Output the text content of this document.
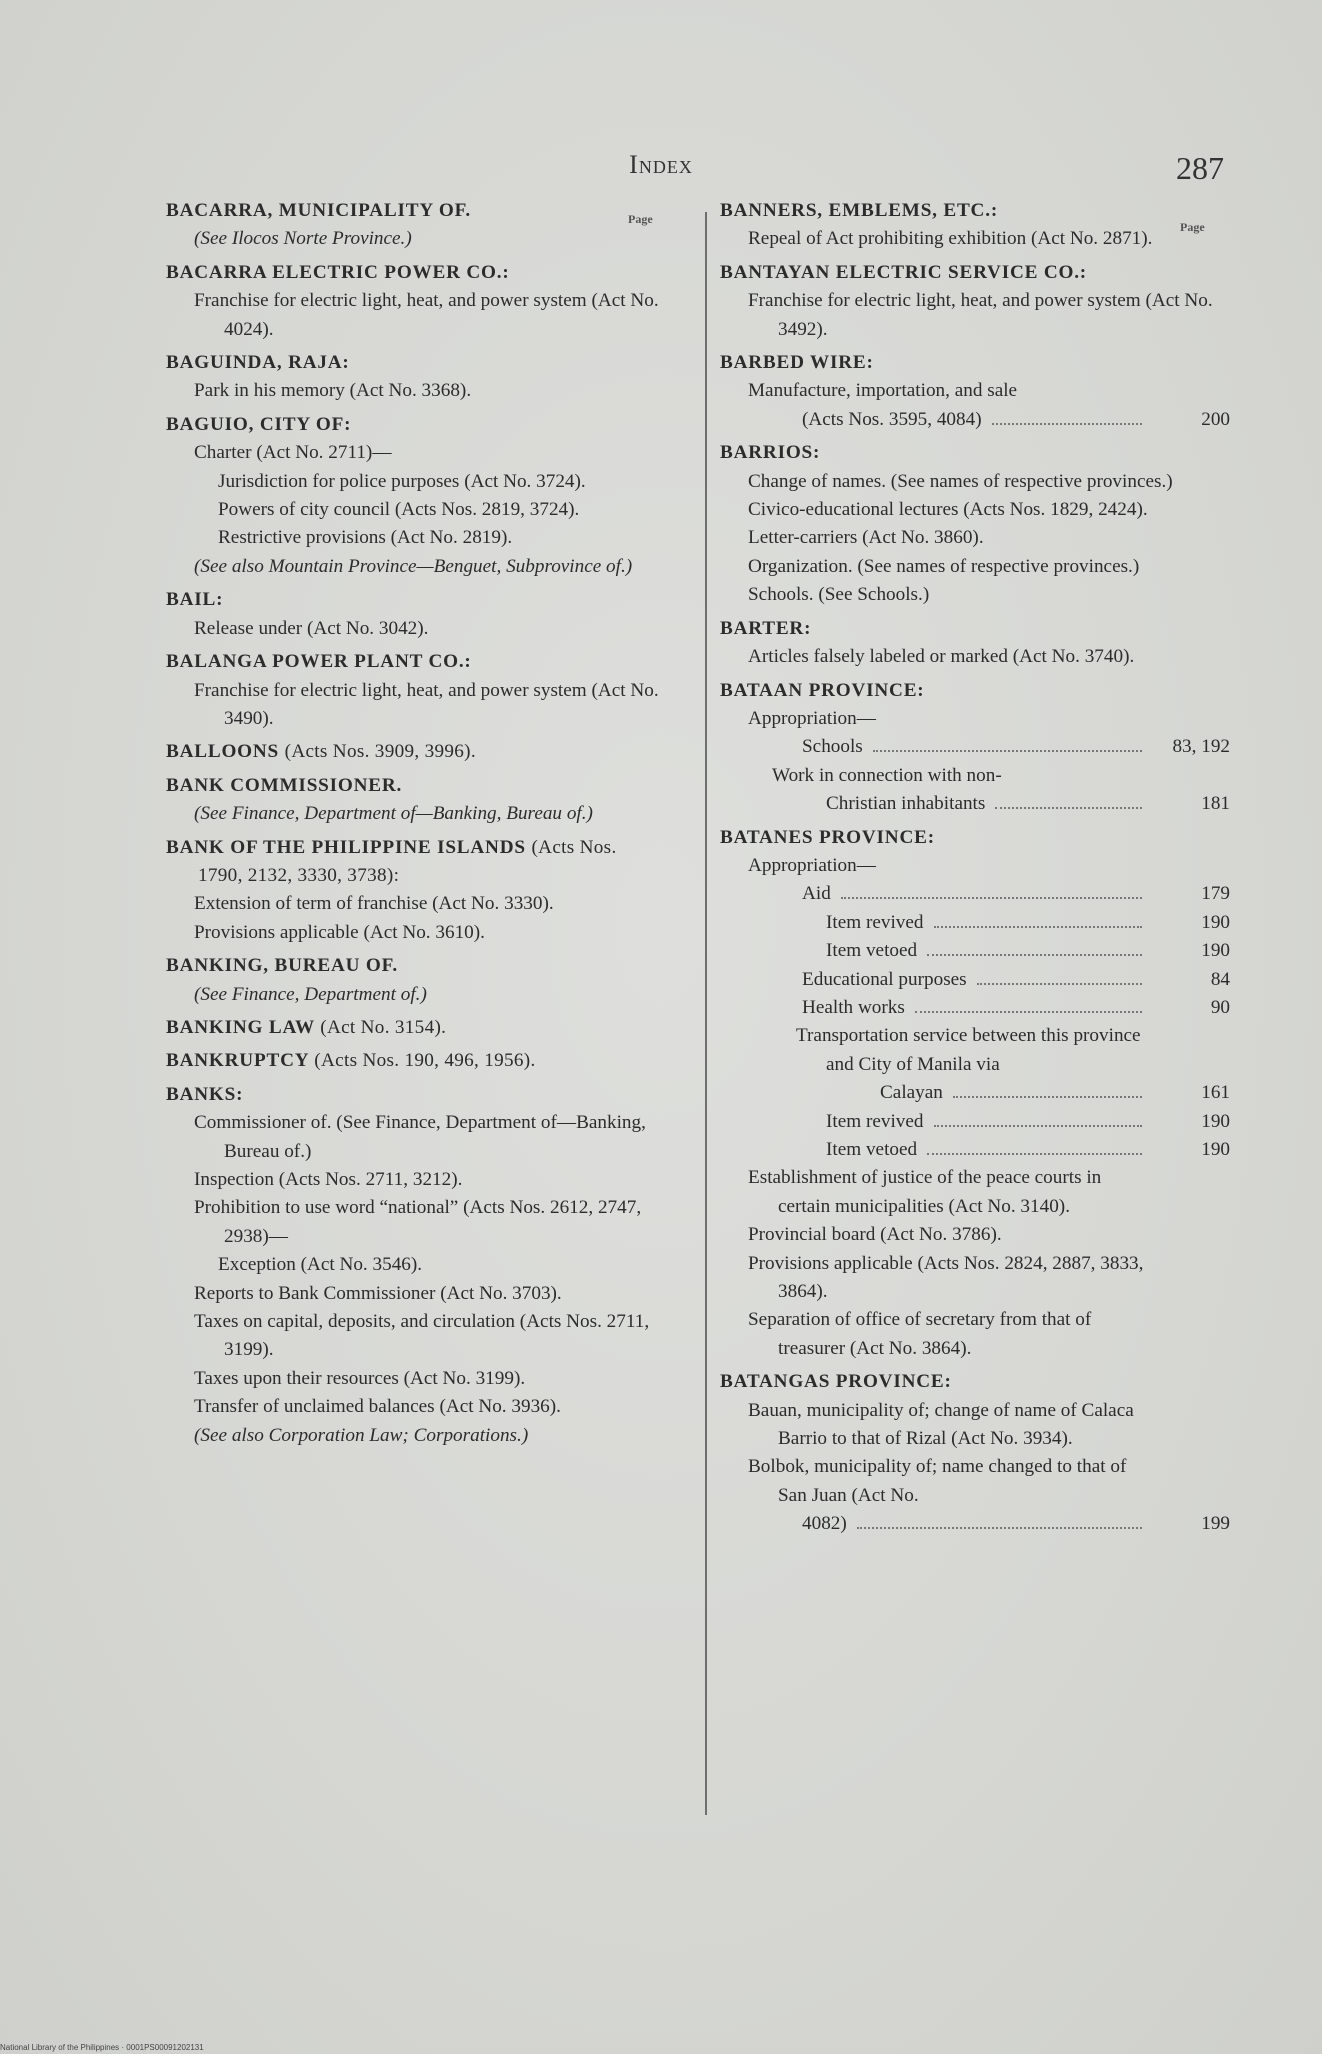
Index	287
Page
Page
BACARRA, MUNICIPALITY OF.
(See Ilocos Norte Province.)
BACARRA ELECTRIC POWER CO.:
Franchise for electric light, heat, and power system (Act No. 4024).
BAGUINDA, RAJA:
Park in his memory (Act No. 3368).
BAGUIO, CITY OF:
Charter (Act No. 2711)—
Jurisdiction for police purposes (Act No. 3724).
Powers of city council (Acts Nos. 2819, 3724).
Restrictive provisions (Act No. 2819).
(See also Mountain Province—Benguet, Subprovince of.)
BAIL:
Release under (Act No. 3042).
BALANGA POWER PLANT CO.:
Franchise for electric light, heat, and power system (Act No. 3490).
BALLOONS (Acts Nos. 3909, 3996).
BANK COMMISSIONER.
(See Finance, Department of—Banking, Bureau of.)
BANK OF THE PHILIPPINE ISLANDS (Acts Nos. 1790, 2132, 3330, 3738):
Extension of term of franchise (Act No. 3330).
Provisions applicable (Act No. 3610).
BANKING, BUREAU OF.
(See Finance, Department of.)
BANKING LAW (Act No. 3154).
BANKRUPTCY (Acts Nos. 190, 496, 1956).
BANKS:
Commissioner of. (See Finance, Department of—Banking, Bureau of.)
Inspection (Acts Nos. 2711, 3212).
Prohibition to use word “national” (Acts Nos. 2612, 2747, 2938)—
Exception (Act No. 3546).
Reports to Bank Commissioner (Act No. 3703).
Taxes on capital, deposits, and circulation (Acts Nos. 2711, 3199).
Taxes upon their resources (Act No. 3199).
Transfer of unclaimed balances (Act No. 3936).
(See also Corporation Law; Corporations.)
BANNERS, EMBLEMS, ETC.:
Repeal of Act prohibiting exhibition (Act No. 2871).
BANTAYAN ELECTRIC SERVICE CO.:
Franchise for electric light, heat, and power system (Act No. 3492).
BARBED WIRE:
Manufacture, importation, and sale
(Acts Nos. 3595, 4084)	200
BARRIOS:
Change of names. (See names of respective provinces.)
Civico-educational lectures (Acts Nos. 1829, 2424).
Letter-carriers (Act No. 3860).
Organization. (See names of respective provinces.)
Schools. (See Schools.)
BARTER:
Articles falsely labeled or marked (Act No. 3740).
BATAAN PROVINCE:
Appropriation—
Schools	83, 192
Work in connection with non-
Christian inhabitants	181
BATANES PROVINCE:
Appropriation—
Aid	179
Item revived	190
Item vetoed	190
Educational purposes	84
Health works	90
Transportation service between this province and City of Manila via
Calayan	161
Item revived	190
Item vetoed	190
Establishment of justice of the peace courts in certain municipalities (Act No. 3140).
Provincial board (Act No. 3786).
Provisions applicable (Acts Nos. 2824, 2887, 3833, 3864).
Separation of office of secretary from that of treasurer (Act No. 3864).
BATANGAS PROVINCE:
Bauan, municipality of; change of name of Calaca Barrio to that of Rizal (Act No. 3934).
Bolbok, municipality of; name changed to that of San Juan (Act No.
4082)	199
National Library of the Philippines · 0001PS00091202131
